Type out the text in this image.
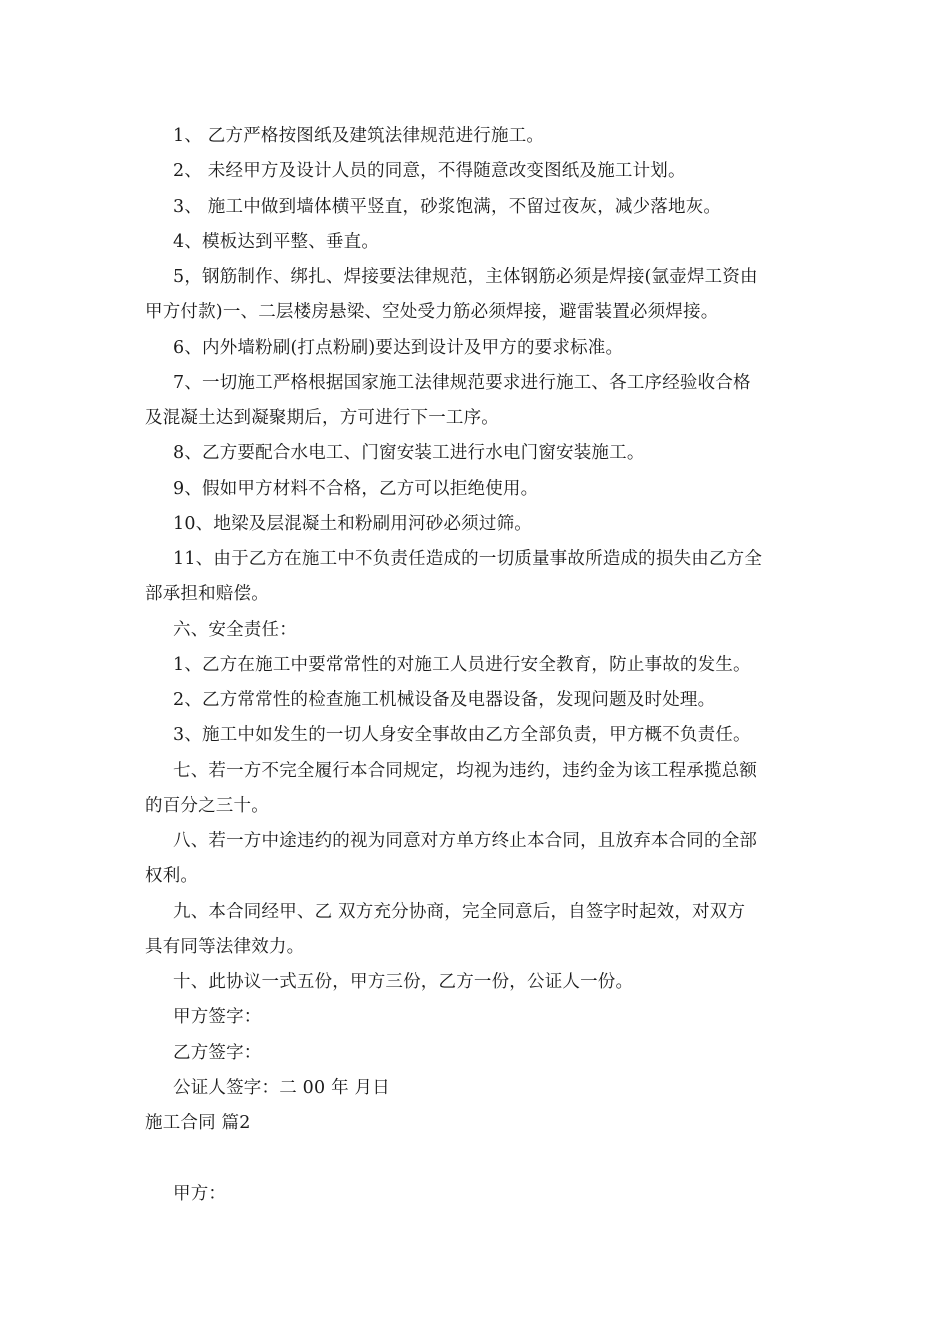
1、 乙方严格按图纸及建筑法律规范进行施工。
2、 未经甲方及设计人员的同意，不得随意改变图纸及施工计划。
3、 施工中做到墙体横平竖直，砂浆饱满，不留过夜灰，减少落地灰。
4、模板达到平整、垂直。
5，钢筋制作、绑扎、焊接要法律规范，主体钢筋必须是焊接(氩壶焊工资由
甲方付款)一、二层楼房悬梁、空处受力筋必须焊接，避雷装置必须焊接。
6、内外墙粉刷(打点粉刷)要达到设计及甲方的要求标准。
7、一切施工严格根据国家施工法律规范要求进行施工、各工序经验收合格
及混凝土达到凝聚期后，方可进行下一工序。
8、乙方要配合水电工、门窗安装工进行水电门窗安装施工。
9、假如甲方材料不合格，乙方可以拒绝使用。
10、地梁及层混凝土和粉刷用河砂必须过筛。
11、由于乙方在施工中不负责任造成的一切质量事故所造成的损失由乙方全
部承担和赔偿。
六、安全责任：
1、乙方在施工中要常常性的对施工人员进行安全教育，防止事故的发生。
2、乙方常常性的检查施工机械设备及电器设备，发现问题及时处理。
3、施工中如发生的一切人身安全事故由乙方全部负责，甲方概不负责任。
七、若一方不完全履行本合同规定，均视为违约，违约金为该工程承揽总额
的百分之三十。
八、若一方中途违约的视为同意对方单方终止本合同，且放弃本合同的全部
权利。
九、本合同经甲、乙 双方充分协商，完全同意后，自签字时起效，对双方
具有同等法律效力。
十、此协议一式五份，甲方三份，乙方一份，公证人一份。
甲方签字：
乙方签字：
公证人签字：二 00 年 月日
施工合同 篇2
甲方：
